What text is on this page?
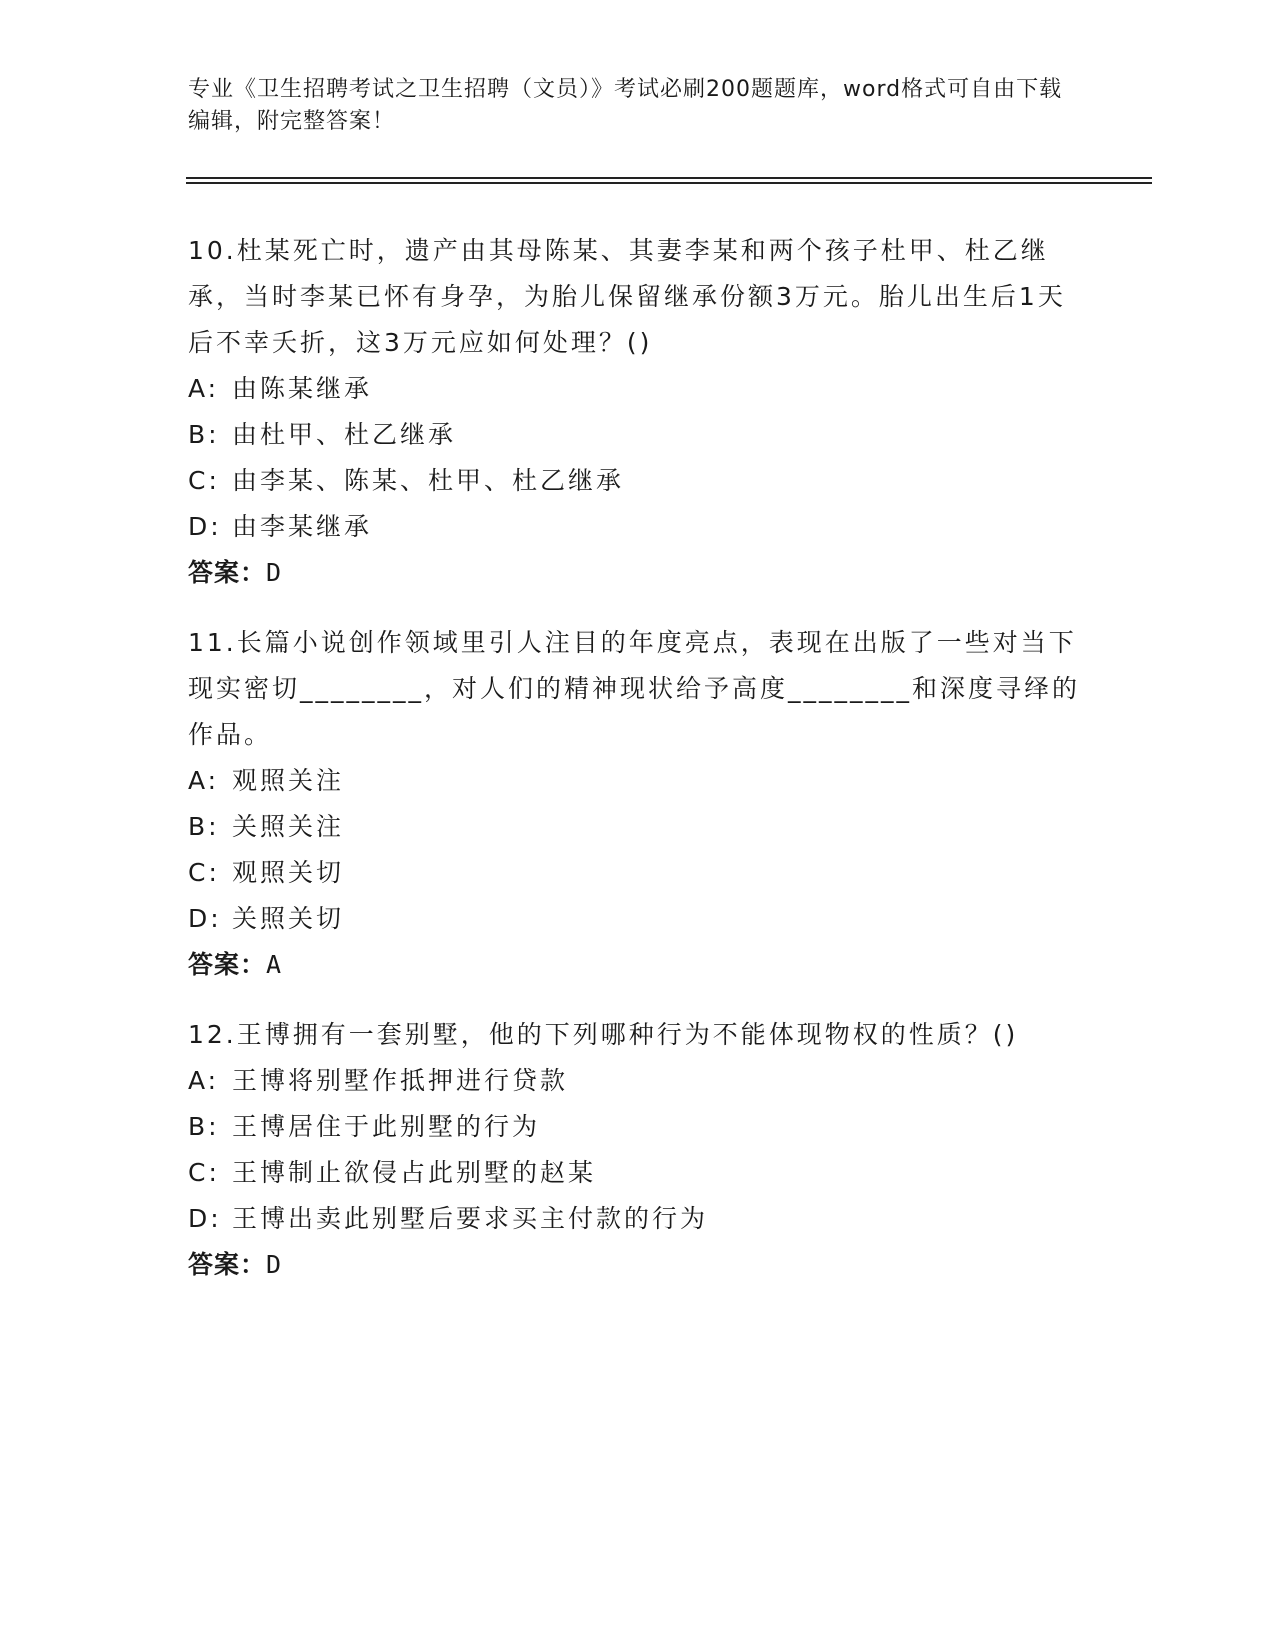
专业《卫生招聘考试之卫生招聘（文员）》考试必刷200题题库，word格式可自由下载编辑，附完整答案！
10.杜某死亡时，遗产由其母陈某、其妻李某和两个孩子杜甲、杜乙继承，当时李某已怀有身孕，为胎儿保留继承份额3万元。胎儿出生后1天后不幸夭折，这3万元应如何处理？()
A: 由陈某继承
B: 由杜甲、杜乙继承
C: 由李某、陈某、杜甲、杜乙继承
D: 由李某继承
答案：D
11.长篇小说创作领域里引人注目的年度亮点，表现在出版了一些对当下现实密切________，对人们的精神现状给予高度________和深度寻绎的作品。
A: 观照关注
B: 关照关注
C: 观照关切
D: 关照关切
答案：A
12.王博拥有一套别墅，他的下列哪种行为不能体现物权的性质？()
A: 王博将别墅作抵押进行贷款
B: 王博居住于此别墅的行为
C: 王博制止欲侵占此别墅的赵某
D: 王博出卖此别墅后要求买主付款的行为
答案：D
